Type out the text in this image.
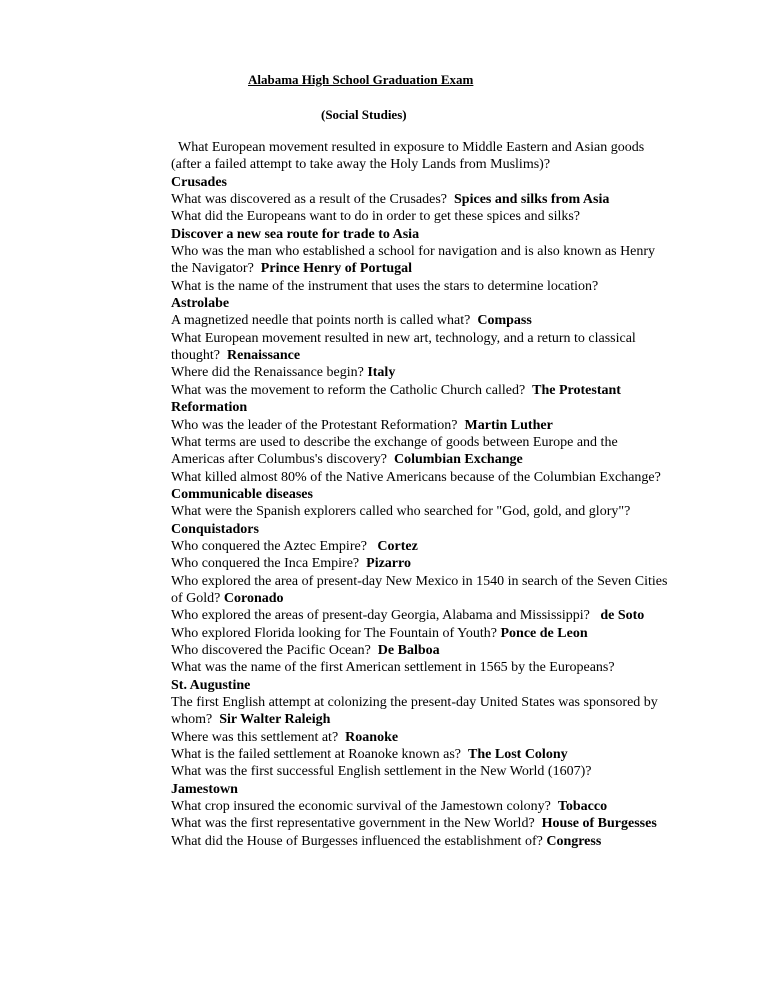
Alabama High School Graduation Exam
(Social Studies)
What European movement resulted in exposure to Middle Eastern and Asian goods (after a failed attempt to take away the Holy Lands from Muslims)?
Crusades
What was discovered as a result of the Crusades? Spices and silks from Asia
What did the Europeans want to do in order to get these spices and silks?
Discover a new sea route for trade to Asia
Who was the man who established a school for navigation and is also known as Henry the Navigator? Prince Henry of Portugal
What is the name of the instrument that uses the stars to determine location?
Astrolabe
A magnetized needle that points north is called what? Compass
What European movement resulted in new art, technology, and a return to classical thought? Renaissance
Where did the Renaissance begin? Italy
What was the movement to reform the Catholic Church called? The Protestant Reformation
Who was the leader of the Protestant Reformation? Martin Luther
What terms are used to describe the exchange of goods between Europe and the Americas after Columbus's discovery? Columbian Exchange
What killed almost 80% of the Native Americans because of the Columbian Exchange?  Communicable diseases
What were the Spanish explorers called who searched for "God, gold, and glory"?  Conquistadors
Who conquered the Aztec Empire? Cortez
Who conquered the Inca Empire? Pizarro
Who explored the area of present-day New Mexico in 1540 in search of the Seven Cities of Gold? Coronado
Who explored the areas of present-day Georgia, Alabama and Mississippi? de Soto
Who explored Florida looking for The Fountain of Youth? Ponce de Leon
Who discovered the Pacific Ocean? De Balboa
What was the name of the first American settlement in 1565 by the Europeans?
St. Augustine
The first English attempt at colonizing the present-day United States was sponsored by whom? Sir Walter Raleigh
Where was this settlement at? Roanoke
What is the failed settlement at Roanoke known as? The Lost Colony
What was the first successful English settlement in the New World (1607)?
Jamestown
What crop insured the economic survival of the Jamestown colony? Tobacco
What was the first representative government in the New World? House of Burgesses
What did the House of Burgesses influenced the establishment of? Congress
